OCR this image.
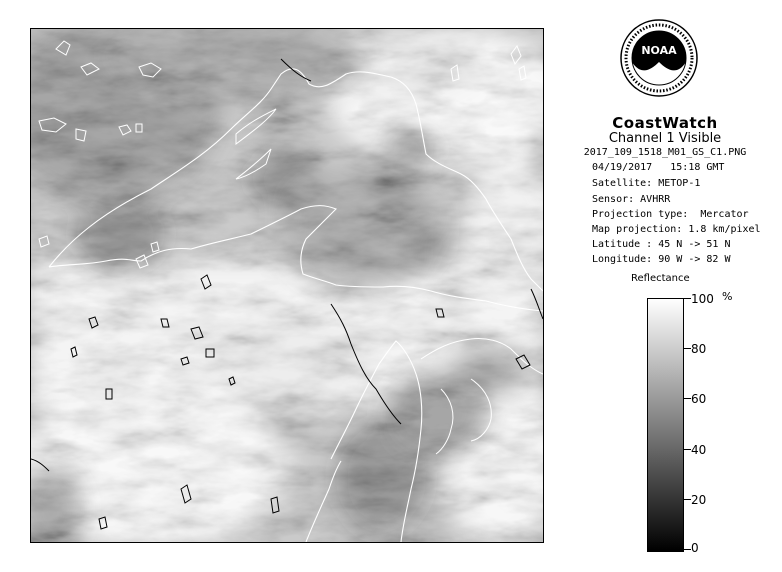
NOAA
CoastWatch
Channel 1 Visible
2017_109_1518_M01_GS_C1.PNG
04/19/2017   15:18 GMT
Satellite: METOP-1
Sensor: AVHRR
Projection type:  Mercator
Map projection: 1.8 km/pixel
Latitude : 45 N -> 51 N
Longitude: 90 W -> 82 W
Reflectance
%
100
80
60
40
20
0
